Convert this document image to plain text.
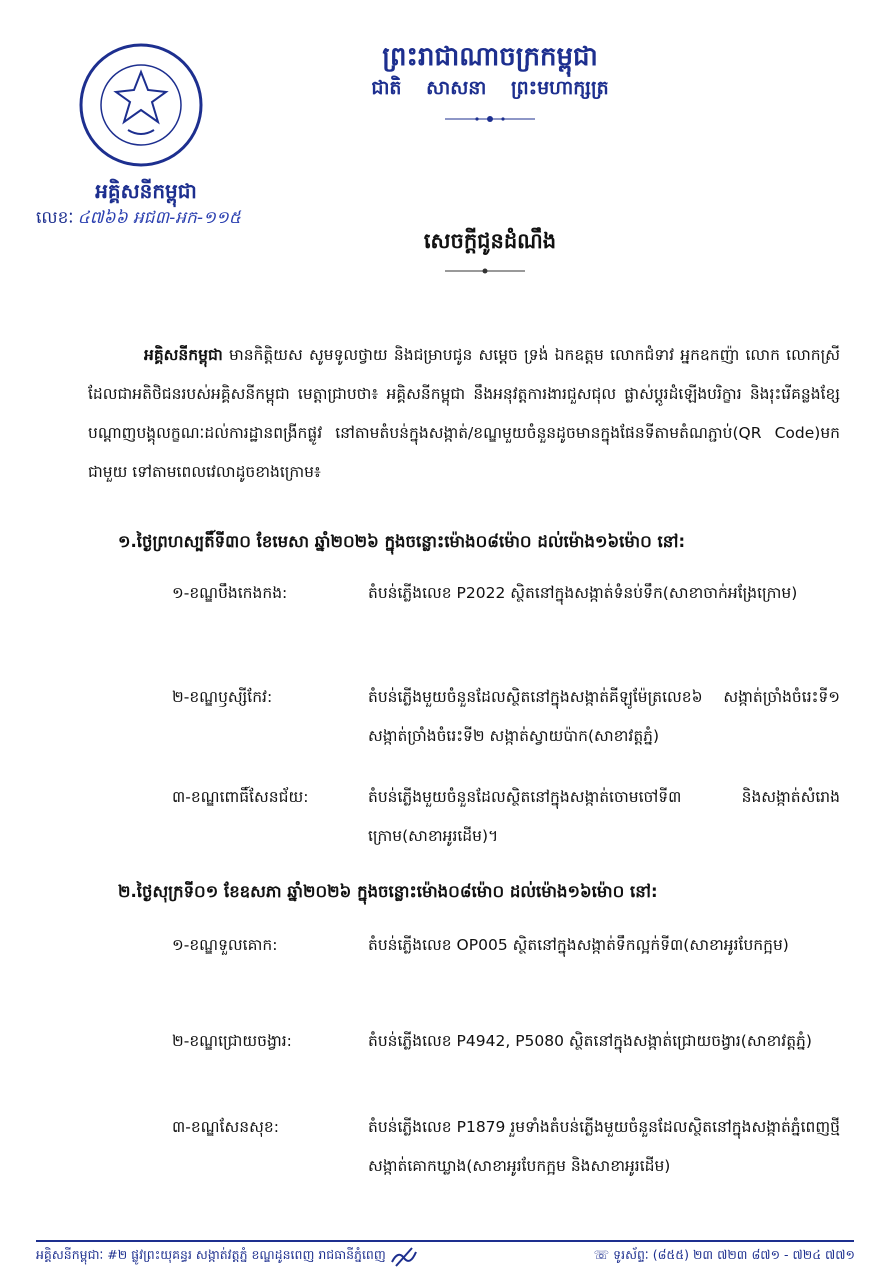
អគ្គិសនីកម្ពុជា
លេខៈ ៤៧៦៦ អជ៣-អក-១១៥
ព្រះរាជាណាចក្រកម្ពុជា
ជាតិ សាសនា ព្រះមហាក្សត្រ
សេចក្តីជូនដំណឹង

អគ្គិសនីកម្ពុជា មានកិត្តិយស សូមទូលថ្វាយ និងជម្រាបជូន សម្តេច ទ្រង់ ឯកឧត្តម លោកជំទាវ អ្នកឧកញ៉ា លោក លោកស្រី ដែលជាអតិថិជនរបស់អគ្គិសនីកម្ពុជា មេត្តាជ្រាបថា៖ អគ្គិសនីកម្ពុជា នឹងអនុវត្តការងារជួសជុល ផ្លាស់ប្តូរដំឡើងបរិក្ខារ និងរុះរើគន្លងខ្សែបណ្តាញបង្គុលក្ខណៈដល់ការដ្ឋានពង្រីកផ្លូវ នៅតាមតំបន់ក្នុងសង្កាត់/ខណ្ឌមួយចំនួនដូចមានក្នុងផែនទីតាមតំណភ្ជាប់(QR Code)មកជាមួយ ទៅតាមពេលវេលាដូចខាងក្រោម៖

១.ថ្ងៃព្រហស្បតិ៍ទី៣០ ខែមេសា ឆ្នាំ២០២៦ ក្នុងចន្លោះម៉ោង០៨ម៉ោ០ ដល់ម៉ោង១៦ម៉ោ០ នៅ:
១-ខណ្ឌបឹងកេងកង:	តំបន់ភ្លើងលេខ P2022 ស្ថិតនៅក្នុងសង្កាត់ទំនប់ទឹក(សាខាចាក់អង្រែក្រោម)
២-ខណ្ឌឫស្សីកែវ:	តំបន់ភ្លើងមួយចំនួនដែលស្ថិតនៅក្នុងសង្កាត់គីឡូម៉ែត្រលេខ៦ សង្កាត់ច្រាំងចំរេះទី១ សង្កាត់ច្រាំងចំរេះទី២ សង្កាត់ស្វាយប៉ាក(សាខាវត្តភ្នំ)
៣-ខណ្ឌពោធិ៍សែនជ័យ:	តំបន់ភ្លើងមួយចំនួនដែលស្ថិតនៅក្នុងសង្កាត់ចោមចៅទី៣ និងសង្កាត់សំរោងក្រោម(សាខាអូរដើម)។
២.ថ្ងៃសុក្រទី០១ ខែឧសភា ឆ្នាំ២០២៦ ក្នុងចន្លោះម៉ោង០៨ម៉ោ០ ដល់ម៉ោង១៦ម៉ោ០ នៅ:
១-ខណ្ឌទួលគោក:	តំបន់ភ្លើងលេខ OP005 ស្ថិតនៅក្នុងសង្កាត់ទឹកល្អក់ទី៣(សាខាអូរបែកក្អម)
២-ខណ្ឌជ្រោយចង្វារ:	តំបន់ភ្លើងលេខ P4942, P5080 ស្ថិតនៅក្នុងសង្កាត់ជ្រោយចង្វារ(សាខាវត្តភ្នំ)
៣-ខណ្ឌសែនសុខ:	តំបន់ភ្លើងលេខ P1879 រួមទាំងតំបន់ភ្លើងមួយចំនួនដែលស្ថិតនៅក្នុងសង្កាត់ភ្នំពេញថ្មី សង្កាត់គោកឃ្លាង(សាខាអូរបែកក្អម និងសាខាអូរដើម)
អគ្គិសនីកម្ពុជាៈ #២ ផ្លូវព្រះយុគន្ធរ សង្កាត់វត្តភ្នំ ខណ្ឌដូនពេញ រាជធានីភ្នំពេញ	☏ ទូរស័ព្ទៈ (៨៥៥) ២៣ ៧២៣ ៨៧១ - ៧២៤ ៧៧១
